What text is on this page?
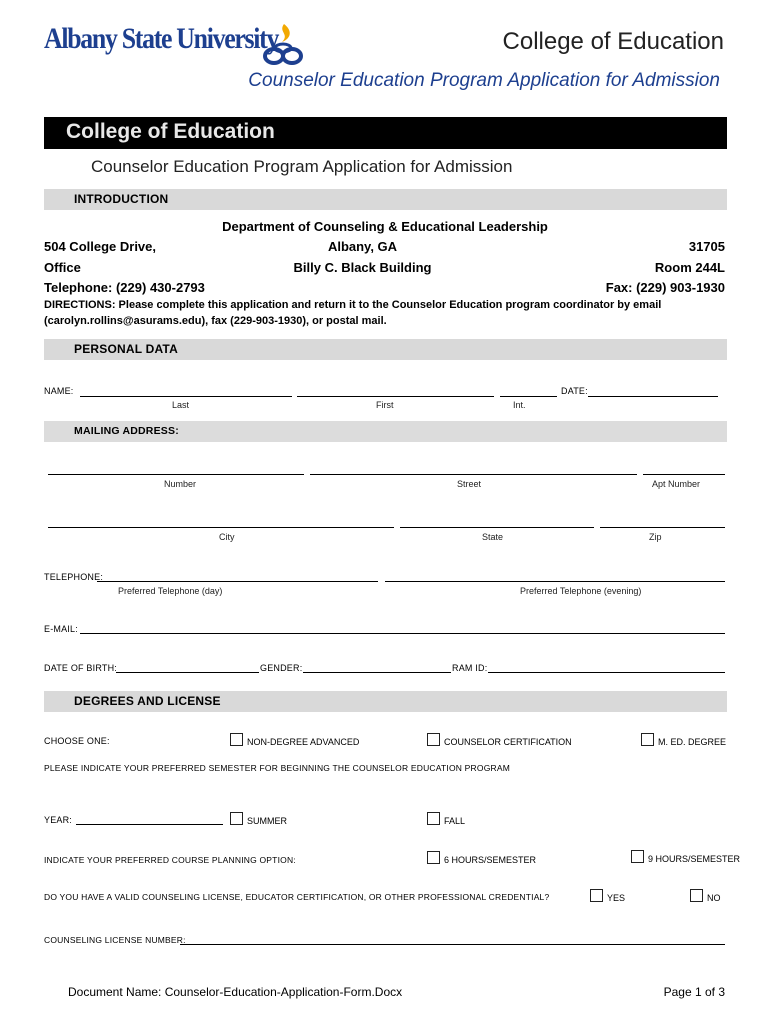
Albany State University	College of Education
Counselor Education Program Application for Admission
College of Education
Counselor Education Program Application for Admission
INTRODUCTION
Department of Counseling & Educational Leadership
504 College Drive,	Albany, GA	31705
Office	Billy C. Black Building	Room 244L
Telephone: (229) 430-2793	Fax: (229) 903-1930
DIRECTIONS: Please complete this application and return it to the Counselor Education program coordinator by email
(carolyn.rollins@asurams.edu), fax (229-903-1930), or postal mail.
PERSONAL DATA
NAME:	DATE:
Last	First	Int.
MAILING ADDRESS:
Number	Street	Apt Number
City	State	Zip
TELEPHONE:
Preferred Telephone (day)	Preferred Telephone (evening)
E-MAIL:
DATE OF BIRTH:	GENDER:	RAM ID:
DEGREES AND LICENSE
CHOOSE ONE:	NON-DEGREE ADVANCED	COUNSELOR CERTIFICATION	M. ED. DEGREE
PLEASE INDICATE YOUR PREFERRED SEMESTER FOR BEGINNING THE COUNSELOR EDUCATION PROGRAM
YEAR:	SUMMER	FALL
INDICATE YOUR PREFERRED COURSE PLANNING OPTION:	6 HOURS/SEMESTER	9 HOURS/SEMESTER
DO YOU HAVE A VALID COUNSELING LICENSE, EDUCATOR CERTIFICATION, OR OTHER PROFESSIONAL CREDENTIAL?	YES	NO
COUNSELING LICENSE NUMBER:
Document Name: Counselor-Education-Application-Form.Docx	Page 1 of 3
